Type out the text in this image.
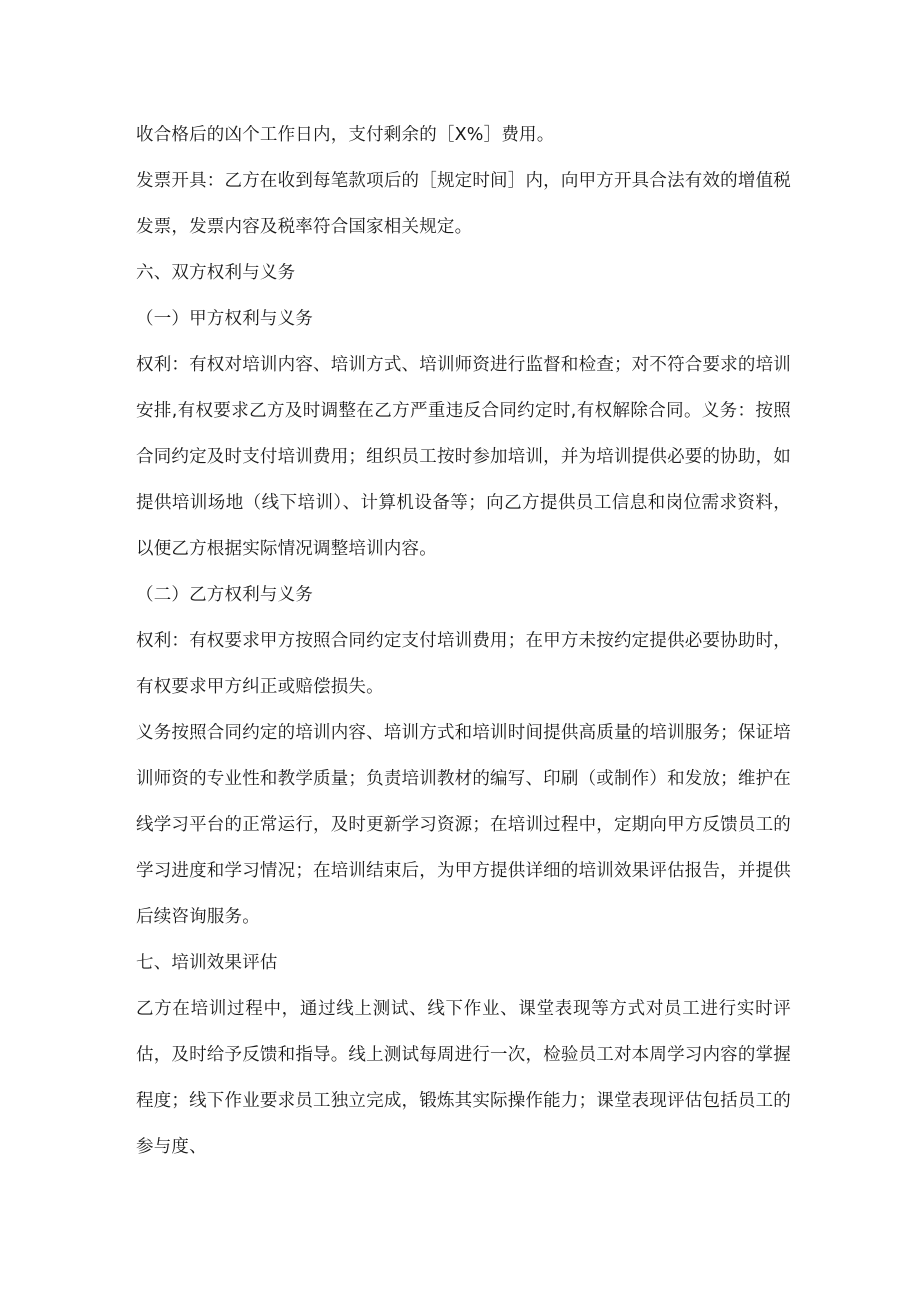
收合格后的凶个工作日内，支付剩余的［X%］费用。

发票开具：乙方在收到每笔款项后的［规定时间］内，向甲方开具合法有效的增值税发票，发票内容及税率符合国家相关规定。

六、双方权利与义务

（一）甲方权利与义务

权利：有权对培训内容、培训方式、培训师资进行监督和检查；对不符合要求的培训安排,有权要求乙方及时调整在乙方严重违反合同约定时,有权解除合同。义务：按照合同约定及时支付培训费用；组织员工按时参加培训，并为培训提供必要的协助，如提供培训场地（线下培训）、计算机设备等；向乙方提供员工信息和岗位需求资料，以便乙方根据实际情况调整培训内容。

（二）乙方权利与义务

权利：有权要求甲方按照合同约定支付培训费用；在甲方未按约定提供必要协助时，有权要求甲方纠正或赔偿损失。

义务按照合同约定的培训内容、培训方式和培训时间提供高质量的培训服务；保证培训师资的专业性和教学质量；负责培训教材的编写、印刷（或制作）和发放；维护在线学习平台的正常运行，及时更新学习资源；在培训过程中，定期向甲方反馈员工的学习进度和学习情况；在培训结束后，为甲方提供详细的培训效果评估报告，并提供后续咨询服务。

七、培训效果评估

乙方在培训过程中，通过线上测试、线下作业、课堂表现等方式对员工进行实时评估，及时给予反馈和指导。线上测试每周进行一次，检验员工对本周学习内容的掌握程度；线下作业要求员工独立完成，锻炼其实际操作能力；课堂表现评估包括员工的参与度、
